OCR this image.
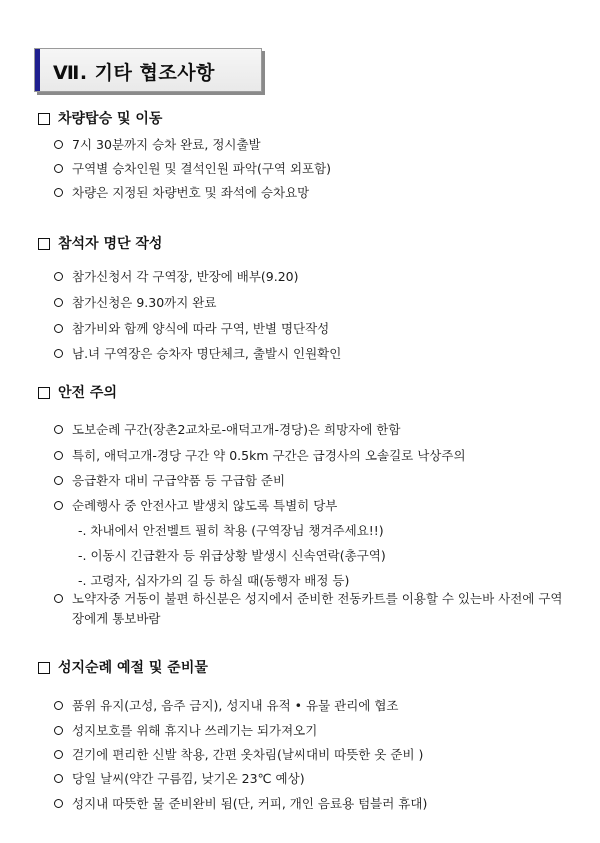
Ⅶ. 기타 협조사항
차량탑승 및 이동
7시 30분까지 승차 완료, 정시출발
구역별 승차인원 및 결석인원 파악(구역 외포함)
차량은 지정된 차량번호 및 좌석에 승차요망
참석자 명단 작성
참가신청서 각 구역장, 반장에 배부(9.20)
참가신청은 9.30까지 완료
참가비와 함께 양식에 따라 구역, 반별 명단작성
남.녀 구역장은 승차자 명단체크, 출발시 인원확인
안전 주의
도보순례 구간(장촌2교차로-애덕고개-경당)은 희망자에 한함
특히, 애덕고개-경당 구간 약 0.5km 구간은 급경사의 오솔길로 낙상주의
응급환자 대비 구급약품 등 구급함 준비
순례행사 중 안전사고 발생치 않도록 특별히 당부
-. 차내에서 안전벨트 필히 착용 (구역장님 챙겨주세요!!)
-. 이동시 긴급환자 등 위급상황 발생시 신속연락(총구역)
-. 고령자, 십자가의 길 등 하실 때(동행자 배정 등)
노약자중 거동이 불편 하신분은 성지에서 준비한 전동카트를 이용할 수 있는바 사전에 구역장에게 통보바람
성지순례 예절 및 준비물
품위 유지(고성, 음주 금지), 성지내 유적 • 유물 관리에 협조
성지보호를 위해 휴지나 쓰레기는 되가져오기
걷기에 편리한 신발 착용, 간편 옷차림(날씨대비 따뜻한 옷 준비 )
당일 날씨(약간 구름낌, 낮기온 23℃ 예상)
성지내 따뜻한 물 준비완비 됨(단, 커피, 개인 음료용 텀블러 휴대)
